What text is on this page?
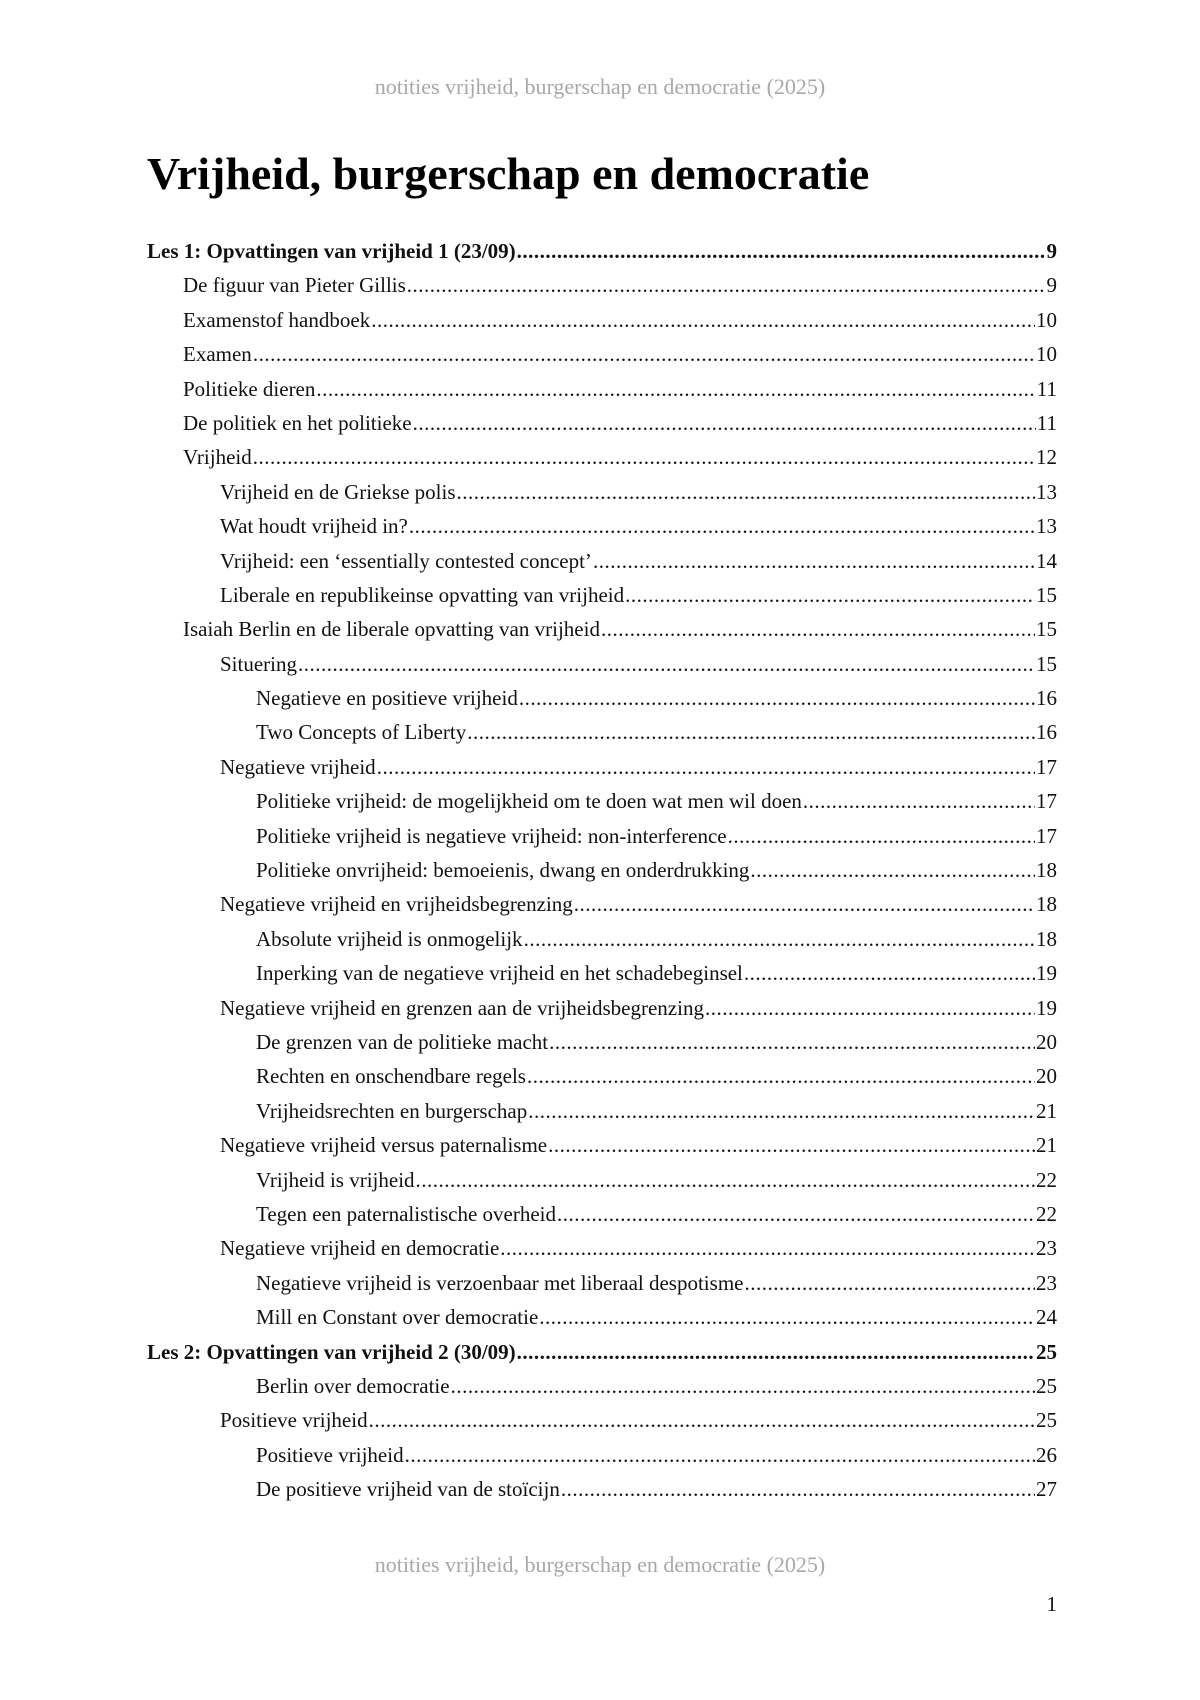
notities vrijheid, burgerschap en democratie (2025)
Vrijheid, burgerschap en democratie
Les 1: Opvattingen van vrijheid 1 (23/09) .....	9
De figuur van Pieter Gillis .....	9
Examenstof handboek .....	10
Examen .....	10
Politieke dieren .....	11
De politiek en het politieke .....	11
Vrijheid .....	12
Vrijheid en de Griekse polis .....	13
Wat houdt vrijheid in? .....	13
Vrijheid: een ‘essentially contested concept’ .....	14
Liberale en republikeinse opvatting van vrijheid .....	15
Isaiah Berlin en de liberale opvatting van vrijheid .....	15
Situering .....	15
Negatieve en positieve vrijheid .....	16
Two Concepts of Liberty .....	16
Negatieve vrijheid .....	17
Politieke vrijheid: de mogelijkheid om te doen wat men wil doen .....	17
Politieke vrijheid is negatieve vrijheid: non-interference .....	17
Politieke onvrijheid: bemoeienis, dwang en onderdrukking .....	18
Negatieve vrijheid en vrijheidsbegrenzing .....	18
Absolute vrijheid is onmogelijk .....	18
Inperking van de negatieve vrijheid en het schadebeginsel .....	19
Negatieve vrijheid en grenzen aan de vrijheidsbegrenzing .....	19
De grenzen van de politieke macht .....	20
Rechten en onschendbare regels .....	20
Vrijheidsrechten en burgerschap .....	21
Negatieve vrijheid versus paternalisme .....	21
Vrijheid is vrijheid .....	22
Tegen een paternalistische overheid .....	22
Negatieve vrijheid en democratie .....	23
Negatieve vrijheid is verzoenbaar met liberaal despotisme .....	23
Mill en Constant over democratie .....	24
Les 2: Opvattingen van vrijheid 2 (30/09) .....	25
Berlin over democratie .....	25
Positieve vrijheid .....	25
Positieve vrijheid .....	26
De positieve vrijheid van de stoïcijn .....	27
notities vrijheid, burgerschap en democratie (2025)
1
